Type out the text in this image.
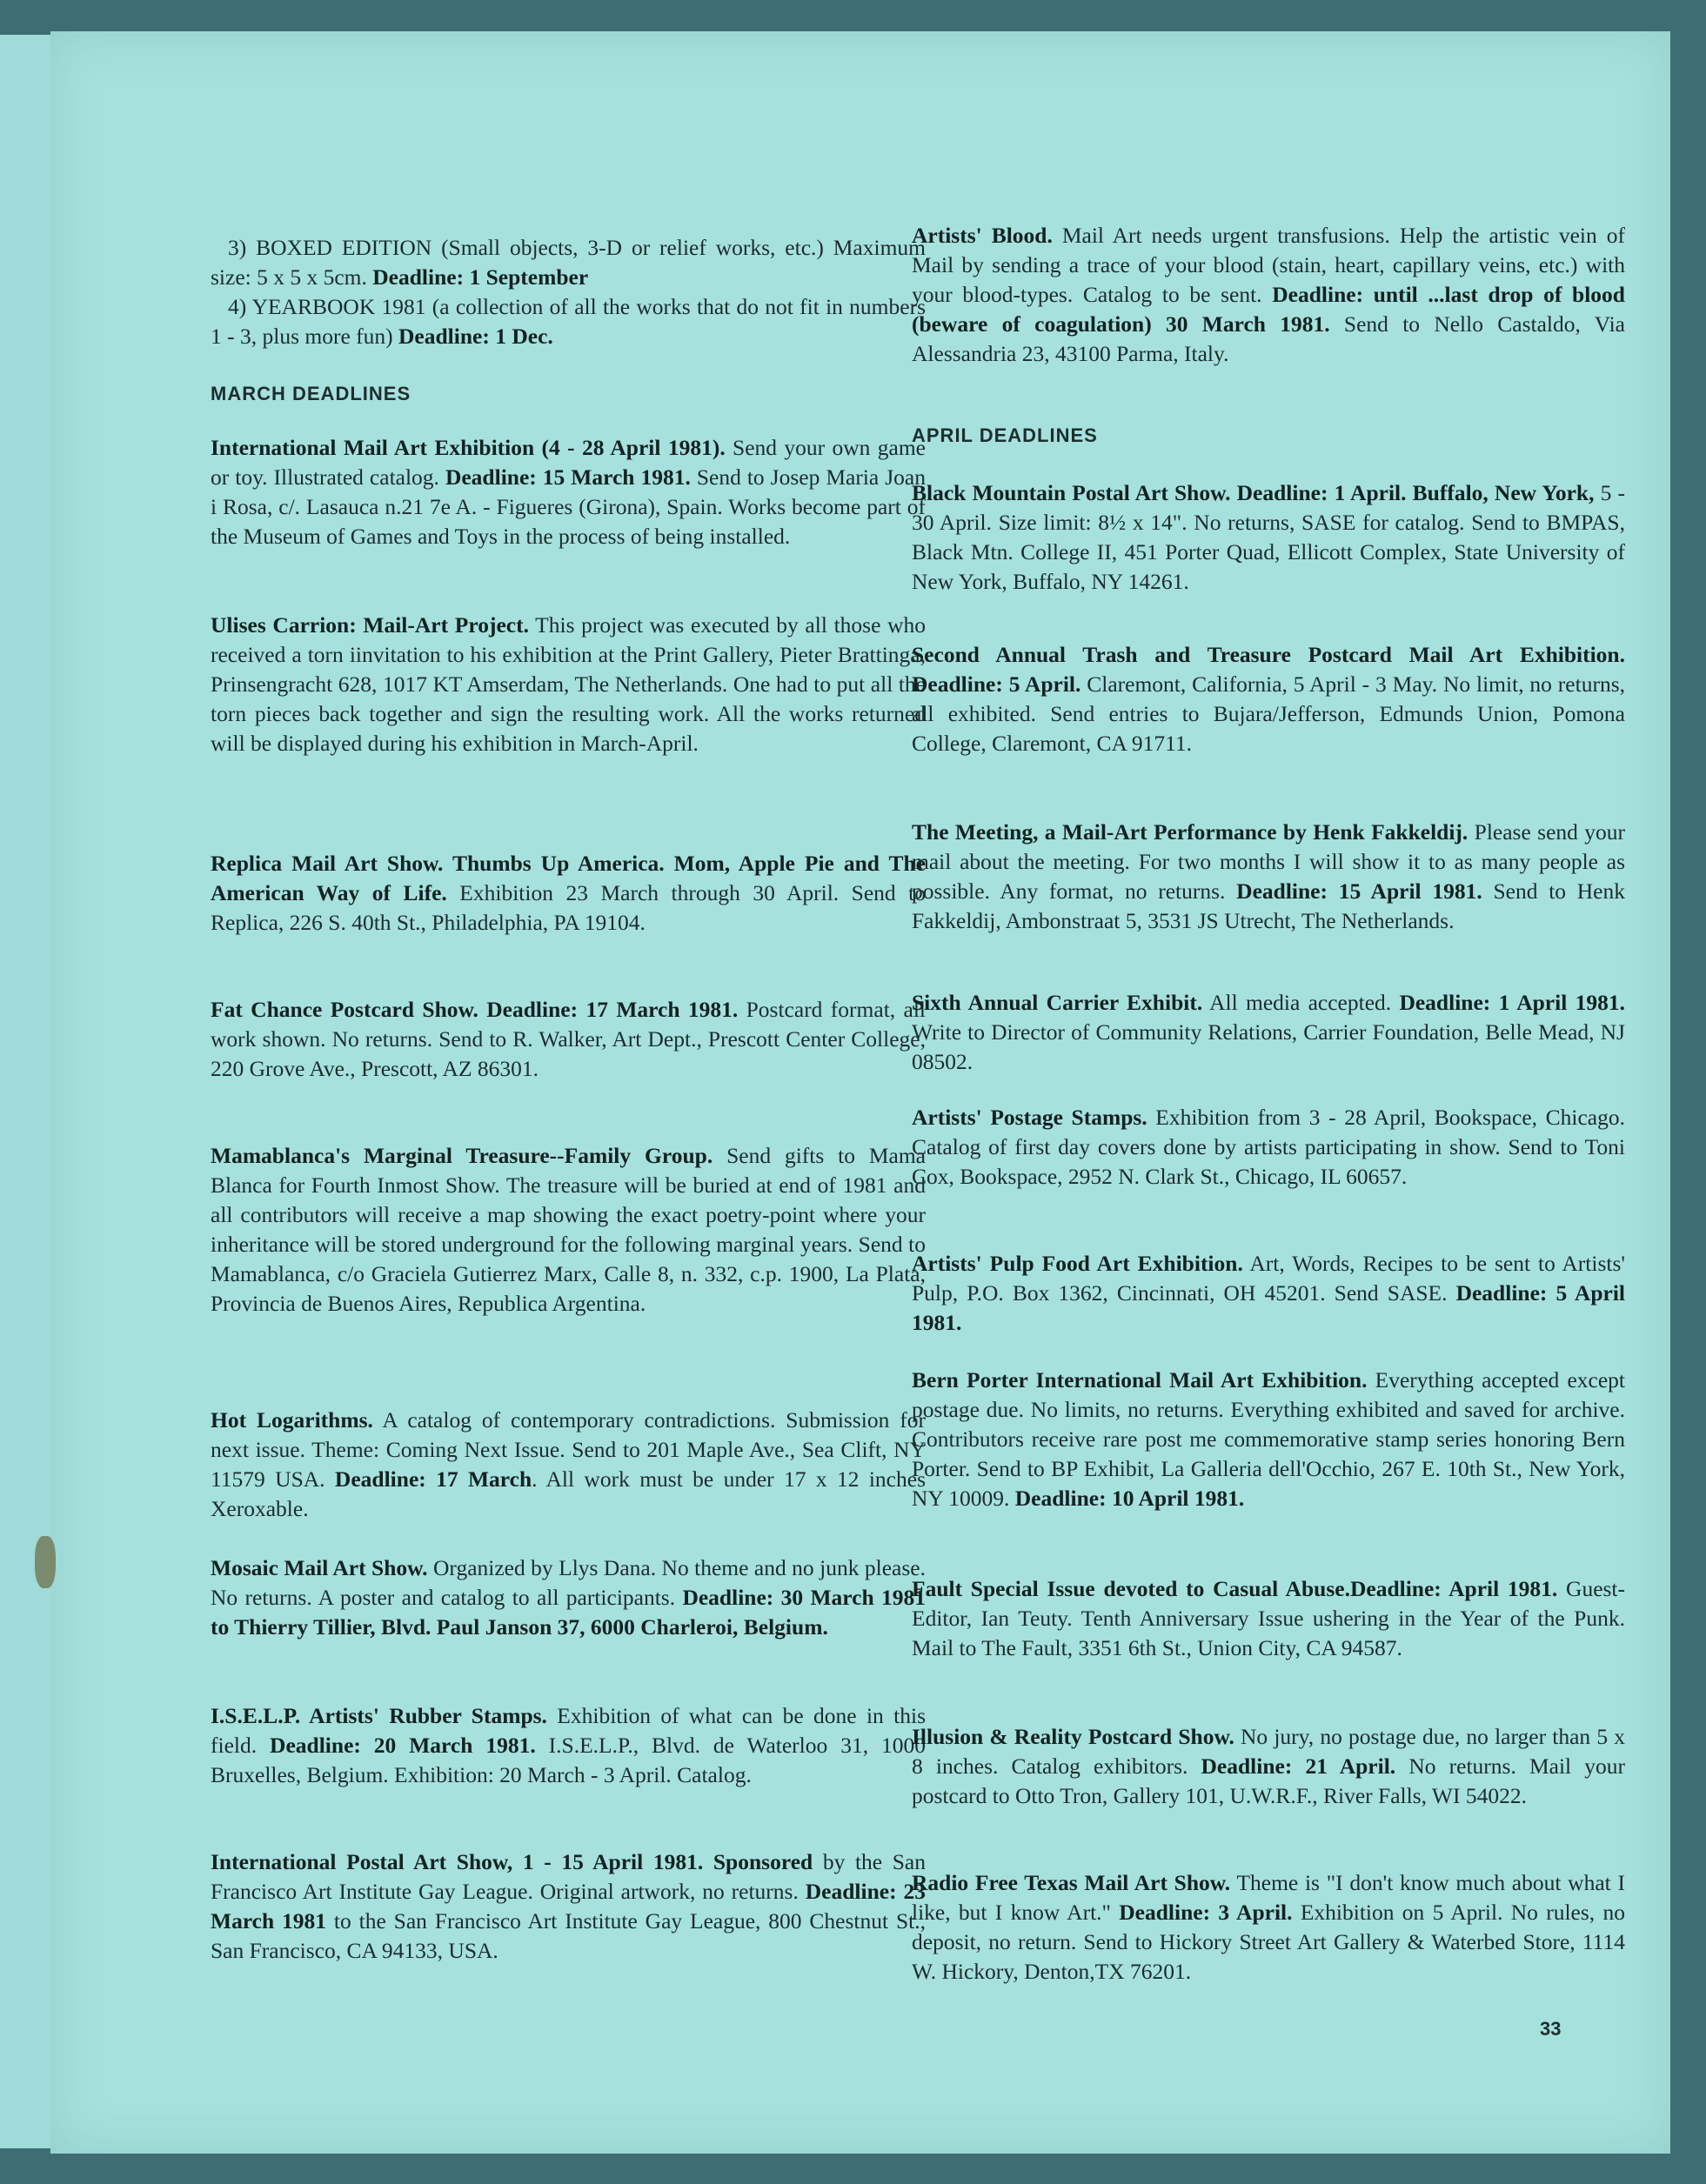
3) BOXED EDITION (Small objects, 3-D or relief works, etc.) Maximum size: 5 x 5 x 5cm. Deadline: 1 September
4) YEARBOOK 1981 (a collection of all the works that do not fit in numbers 1 - 3, plus more fun) Deadline: 1 Dec.
MARCH DEADLINES
International Mail Art Exhibition (4 - 28 April 1981). Send your own game or toy. Illustrated catalog. Deadline: 15 March 1981. Send to Josep Maria Joan i Rosa, c/. Lasauca n.21 7e A. - Figueres (Girona), Spain. Works become part of the Museum of Games and Toys in the process of being installed.
Ulises Carrion: Mail-Art Project. This project was executed by all those who received a torn iinvitation to his exhibition at the Print Gallery, Pieter Brattinga, Prinsengracht 628, 1017 KT Amserdam, The Netherlands. One had to put all the torn pieces back together and sign the resulting work. All the works returned will be displayed during his exhibition in March-April.
Replica Mail Art Show. Thumbs Up America. Mom, Apple Pie and The American Way of Life. Exhibition 23 March through 30 April. Send to Replica, 226 S. 40th St., Philadelphia, PA 19104.
Fat Chance Postcard Show. Deadline: 17 March 1981. Postcard format, all work shown. No returns. Send to R. Walker, Art Dept., Prescott Center College, 220 Grove Ave., Prescott, AZ 86301.
Mamablanca's Marginal Treasure--Family Group. Send gifts to Mama Blanca for Fourth Inmost Show. The treasure will be buried at end of 1981 and all contributors will receive a map showing the exact poetry-point where your inheritance will be stored underground for the following marginal years. Send to Mamablanca, c/o Graciela Gutierrez Marx, Calle 8, n. 332, c.p. 1900, La Plata, Provincia de Buenos Aires, Republica Argentina.
Hot Logarithms. A catalog of contemporary contradictions. Submission for next issue. Theme: Coming Next Issue. Send to 201 Maple Ave., Sea Clift, NY 11579 USA. Deadline: 17 March. All work must be under 17 x 12 inches Xeroxable.
Mosaic Mail Art Show. Organized by Llys Dana. No theme and no junk please. No returns. A poster and catalog to all participants. Deadline: 30 March 1981 to Thierry Tillier, Blvd. Paul Janson 37, 6000 Charleroi, Belgium.
I.S.E.L.P. Artists' Rubber Stamps. Exhibition of what can be done in this field. Deadline: 20 March 1981. I.S.E.L.P., Blvd. de Waterloo 31, 1000 Bruxelles, Belgium. Exhibition: 20 March - 3 April. Catalog.
International Postal Art Show, 1 - 15 April 1981. Sponsored by the San Francisco Art Institute Gay League. Original artwork, no returns. Deadline: 23 March 1981 to the San Francisco Art Institute Gay League, 800 Chestnut St., San Francisco, CA 94133, USA.
Artists' Blood. Mail Art needs urgent transfusions. Help the artistic vein of Mail by sending a trace of your blood (stain, heart, capillary veins, etc.) with your blood-types. Catalog to be sent. Deadline: until ...last drop of blood (beware of coagulation) 30 March 1981. Send to Nello Castaldo, Via Alessandria 23, 43100 Parma, Italy.
APRIL DEADLINES
Black Mountain Postal Art Show. Deadline: 1 April. Buffalo, New York, 5 - 30 April. Size limit: 8½ x 14". No returns, SASE for catalog. Send to BMPAS, Black Mtn. College II, 451 Porter Quad, Ellicott Complex, State University of New York, Buffalo, NY 14261.
Second Annual Trash and Treasure Postcard Mail Art Exhibition. Deadline: 5 April. Claremont, California, 5 April - 3 May. No limit, no returns, all exhibited. Send entries to Bujara/Jefferson, Edmunds Union, Pomona College, Claremont, CA 91711.
The Meeting, a Mail-Art Performance by Henk Fakkeldij. Please send your mail about the meeting. For two months I will show it to as many people as possible. Any format, no returns. Deadline: 15 April 1981. Send to Henk Fakkeldij, Ambonstraat 5, 3531 JS Utrecht, The Netherlands.
Sixth Annual Carrier Exhibit. All media accepted. Deadline: 1 April 1981. Write to Director of Community Relations, Carrier Foundation, Belle Mead, NJ 08502.
Artists' Postage Stamps. Exhibition from 3 - 28 April, Bookspace, Chicago. Catalog of first day covers done by artists participating in show. Send to Toni Cox, Bookspace, 2952 N. Clark St., Chicago, IL 60657.
Artists' Pulp Food Art Exhibition. Art, Words, Recipes to be sent to Artists' Pulp, P.O. Box 1362, Cincinnati, OH 45201. Send SASE. Deadline: 5 April 1981.
Bern Porter International Mail Art Exhibition. Everything accepted except postage due. No limits, no returns. Everything exhibited and saved for archive. Contributors receive rare post me commemorative stamp series honoring Bern Porter. Send to BP Exhibit, La Galleria dell'Occhio, 267 E. 10th St., New York, NY 10009. Deadline: 10 April 1981.
Fault Special Issue devoted to Casual Abuse.Deadline: April 1981. Guest-Editor, Ian Teuty. Tenth Anniversary Issue ushering in the Year of the Punk. Mail to The Fault, 3351 6th St., Union City, CA 94587.
Illusion & Reality Postcard Show. No jury, no postage due, no larger than 5 x 8 inches. Catalog exhibitors. Deadline: 21 April. No returns. Mail your postcard to Otto Tron, Gallery 101, U.W.R.F., River Falls, WI 54022.
Radio Free Texas Mail Art Show. Theme is "I don't know much about what I like, but I know Art." Deadline: 3 April. Exhibition on 5 April. No rules, no deposit, no return. Send to Hickory Street Art Gallery & Waterbed Store, 1114 W. Hickory, Denton,TX 76201.
33
